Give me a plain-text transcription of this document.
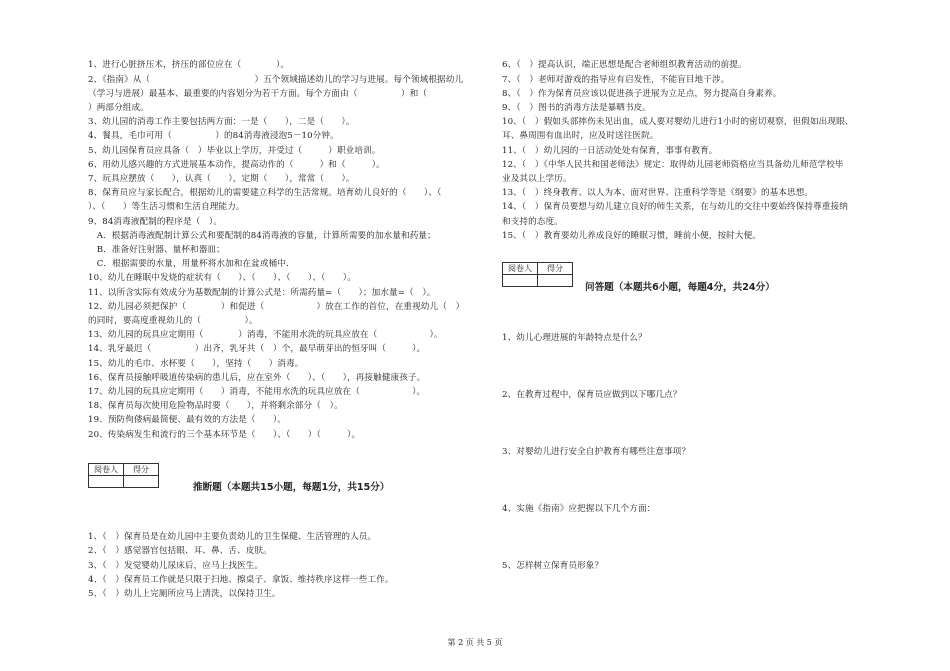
1、进行心脏挤压术，挤压的部位应在（　　　　）。
2、《指南》从（　　　　　　　　　　　　）五个领域描述幼儿的学习与进展。每个领域根据幼儿
（学习与进展）最基本、最重要的内容划分为若干方面。每个方面由（　　　　　）和（　　　
）两部分组成。
3、幼儿园的消毒工作主要包括两方面：一是（　　），二是（　　）。
4、餐具，毛巾可用（　　　　　）的84消毒液浸泡5－10分钟。
5、幼儿园保育员应具备（　）毕业以上学历，并受过（　　　）职业培训。
6、用幼儿感兴趣的方式进展基本动作，提高动作的（　　　）和（　　　）。
7、玩具应摆放（　　），认真（　　），定期（　　），常常（　　）。
8、保育员应与家长配合，根据幼儿的需要建立科学的生活常规。培育幼儿良好的（　　）、（　
）、（　　）等生活习惯和生活自理能力。
9、84消毒液配制的程序是（　）。
　A．根据消毒液配制计算公式和要配制的84消毒液的容量，计算所需要的加水量和药量；
　B．准备好注射器、量杯和器皿；
　C．根据需要的水量，用量杯将水加和在盆或桶中．
10、幼儿在睡眠中发烧的症状有（　　）、（　　）、（　　）、（　　）。
11、以所含实际有效成分为基数配制的计算公式是：所需药量=（　　）；加水量=（　）。
12、幼儿园必须把保护（　　　　）和促进（　　　　　　）放在工作的首位，在重视幼儿（　）
的同时，要高度重视幼儿的（　　　　　）。
13、幼儿园的玩具应定期用（　　　　）消毒，不能用水洗的玩具应放在（　　　　　　）。
14、乳牙最迟（　　　　　）出齐，乳牙共（　）个，最早萌芽出的恒牙叫（　　　）。
15、幼儿的毛巾、水杯要（　　），坚持（　　）消毒。
16、保育员接触呼吸道传染病的患儿后，应在室外（　　）、（　　），再接触健康孩子。
17、幼儿园的玩具应定期用（　　）消毒，不能用水洗的玩具应放在（　　　　　　）。
18、保育员每次使用危险物品时要（　　），并将剩余部分（　）。
19、预防佝偻病最简便、最有效的方法是（　　）。
20、传染病发生和流行的三个基本环节是（　　）、（　　）（　　　）。
阅卷人	得分

推断题（本题共15小题，每题1分，共15分）
1、（　）保育员是在幼儿园中主要负责幼儿的卫生保健、生活管理的人员。
2、（　）感觉器官包括眼、耳、鼻、舌、皮肤。
3、（　）发觉婴幼儿尿床后，应马上找医生。
4、（　）保育员工作就是只限于扫地、擦桌子、拿饭、维持秩序这样一些工作。
5、（　）幼儿上完厕所应马上清洗，以保持卫生。
6、（　）提高认识，端正思想是配合老师组织教育活动的前提。
7、（　）老师对游戏的指导应有启发性，不能盲目地干涉。
8、（　）作为保育员应该以促进孩子进展为立足点，努力提高自身素养。
9、（　）图书的消毒方法是暴晒书皮。
10、（　）假如头部摔伤未见出血，成人要对婴幼儿进行1小时的密切观察，但假如出现眼、
耳、鼻周围有血出时，应及时送往医院。
11、（　）幼儿园的一日活动处处有保育，事事有教育。
12、（　）《中华人民共和国老师法》规定：取得幼儿园老师资格应当具备幼儿师范学校毕
业及其以上学历。
13、（　）终身教育、以人为本、面对世界、注重科学等是《纲要》的基本思想。
14、（　）保育员要想与幼儿建立良好的师生关系，在与幼儿的交往中要始终保持尊重接纳
和支持的态度。
15、（　）教育要幼儿养成良好的睡眠习惯，睡前小便，按时大便。
阅卷人	得分

问答题（本题共6小题，每题4分，共24分）
1、幼儿心理进展的年龄特点是什么？
2、在教育过程中，保育员应做到以下哪几点？
3、对婴幼儿进行安全自护教育有哪些注意事项？
4、实施《指南》应把握以下几个方面：
5、怎样树立保育员形象？
第 2 页 共 5 页
